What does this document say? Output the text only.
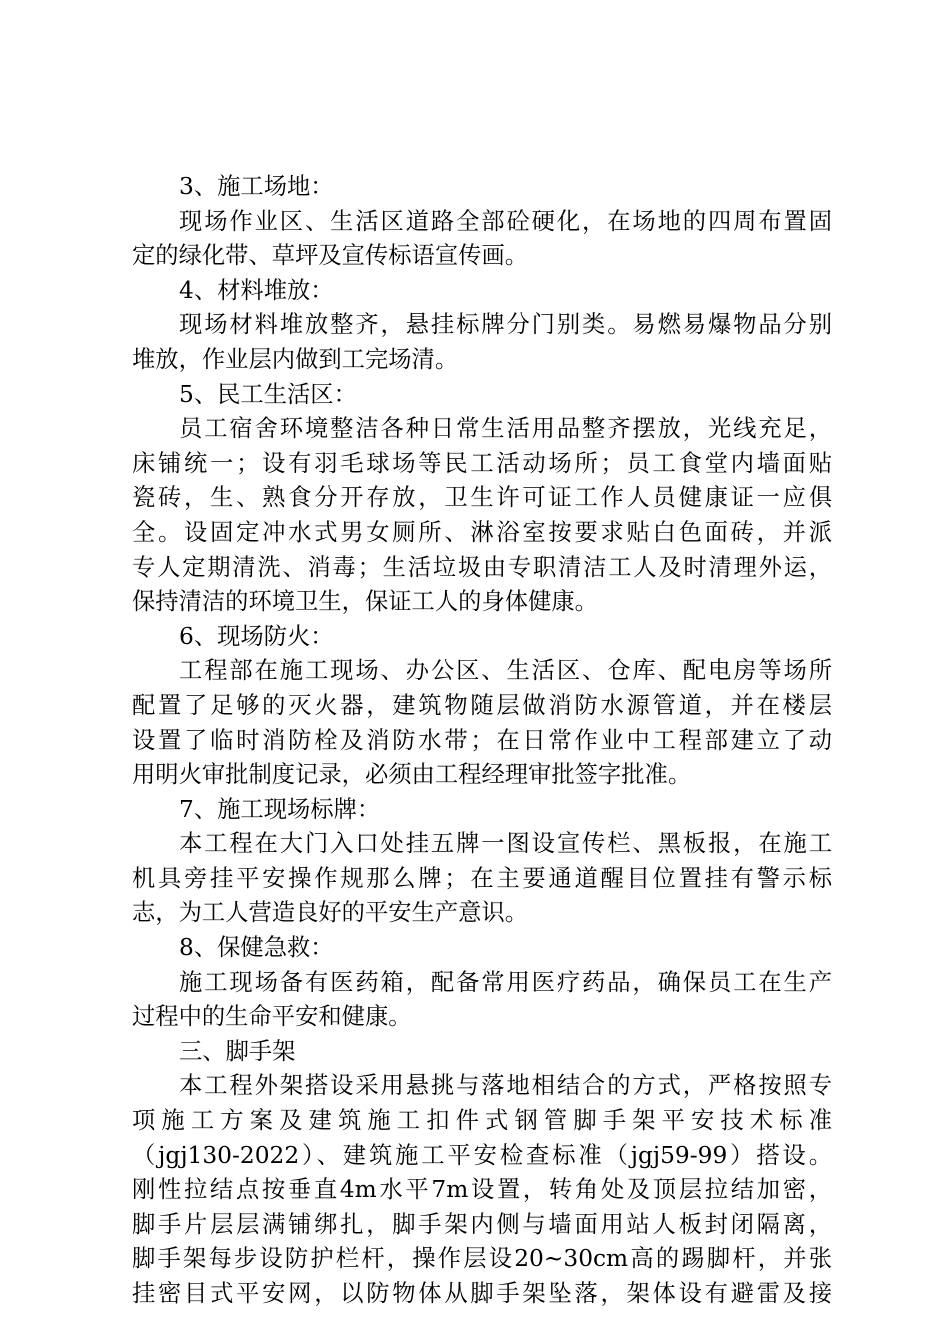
3、施工场地：
现场作业区、生活区道路全部砼硬化，在场地的四周布置固
定的绿化带、草坪及宣传标语宣传画。
4、材料堆放：
现场材料堆放整齐，悬挂标牌分门别类。易燃易爆物品分别
堆放，作业层内做到工完场清。
5、民工生活区：
员工宿舍环境整洁各种日常生活用品整齐摆放，光线充足，
床铺统一；设有羽毛球场等民工活动场所；员工食堂内墙面贴
瓷砖，生、熟食分开存放，卫生许可证工作人员健康证一应俱
全。设固定冲水式男女厕所、淋浴室按要求贴白色面砖，并派
专人定期清洗、消毒；生活垃圾由专职清洁工人及时清理外运，
保持清洁的环境卫生，保证工人的身体健康。
6、现场防火：
工程部在施工现场、办公区、生活区、仓库、配电房等场所
配置了足够的灭火器，建筑物随层做消防水源管道，并在楼层
设置了临时消防栓及消防水带；在日常作业中工程部建立了动
用明火审批制度记录，必须由工程经理审批签字批准。
7、施工现场标牌：
本工程在大门入口处挂五牌一图设宣传栏、黑板报，在施工
机具旁挂平安操作规那么牌；在主要通道醒目位置挂有警示标
志，为工人营造良好的平安生产意识。
8、保健急救：
施工现场备有医药箱，配备常用医疗药品，确保员工在生产
过程中的生命平安和健康。
三、脚手架
本工程外架搭设采用悬挑与落地相结合的方式，严格按照专
项施工方案及建筑施工扣件式钢管脚手架平安技术标准
（jgj130-2022）、建筑施工平安检查标准（jgj59-99）搭设。
刚性拉结点按垂直4m水平7m设置，转角处及顶层拉结加密，
脚手片层层满铺绑扎，脚手架内侧与墙面用站人板封闭隔离，
脚手架每步设防护栏杆，操作层设20~30cm高的踢脚杆，并张
挂密目式平安网，以防物体从脚手架坠落，架体设有避雷及接
